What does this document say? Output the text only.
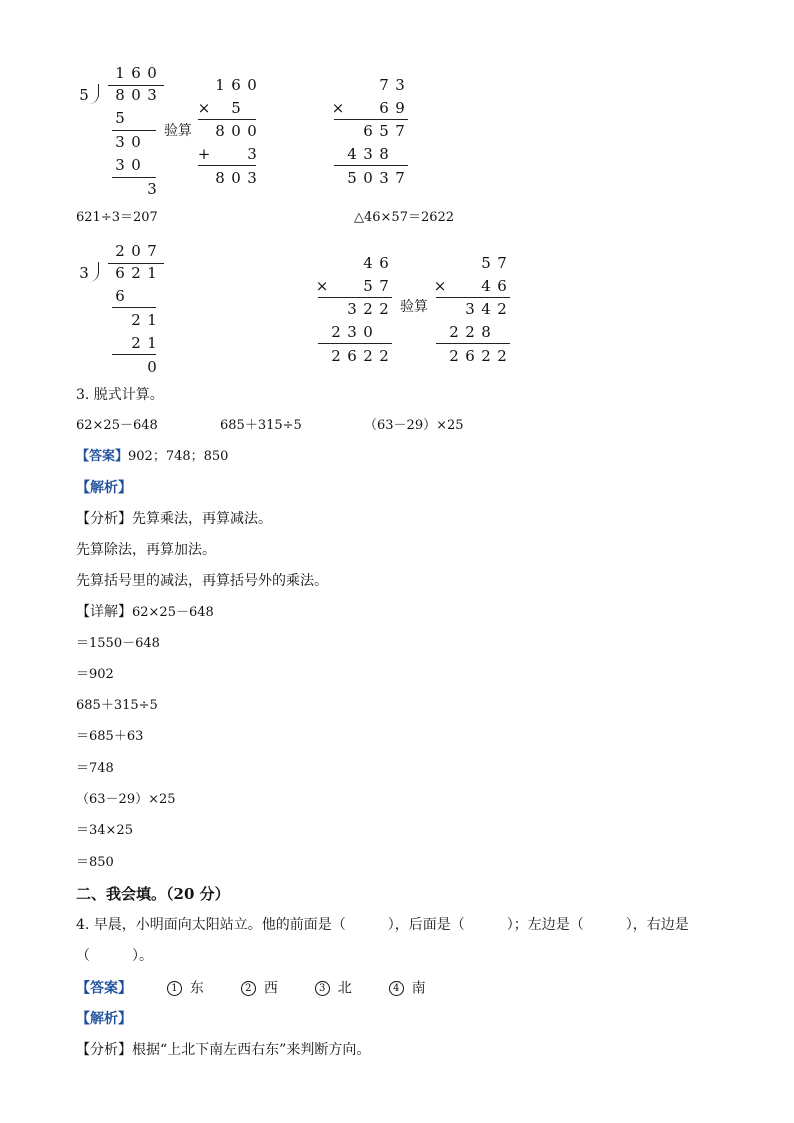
5
1 6 0
8 0 3
5
3 0
3 0
3
验算
1 6 0
× 5
8 0 0
+ 3
8 0 3
7 3
× 6 9
6 5 7
4 3 8
5 0 3 7
621÷3＝207	△46×57＝2622
3
2 0 7
6 2 1
6
2 1
2 1
0
4 6
× 5 7
3 2 2
2 3 0
2 6 2 2
验算
5 7
× 4 6
3 4 2
2 2 8
2 6 2 2
3. 脱式计算。
62×25－648	685＋315÷5	（63－29）×25
【答案】902；748；850
【解析】
【分析】先算乘法，再算减法。
先算除法，再算加法。
先算括号里的减法，再算括号外的乘法。
【详解】62×25－648
＝1550－648
＝902
685＋315÷5
＝685＋63
＝748
（63－29）×25
＝34×25
＝850
二、我会填。（20 分）
4. 早晨，小明面向太阳站立。他的前面是（　　　），后面是（　　　）；左边是（　　　），右边是
（　　　）。
【答案】	1 东	2 西	3 北	4 南
【解析】
【分析】根据“上北下南左西右东”来判断方向。
